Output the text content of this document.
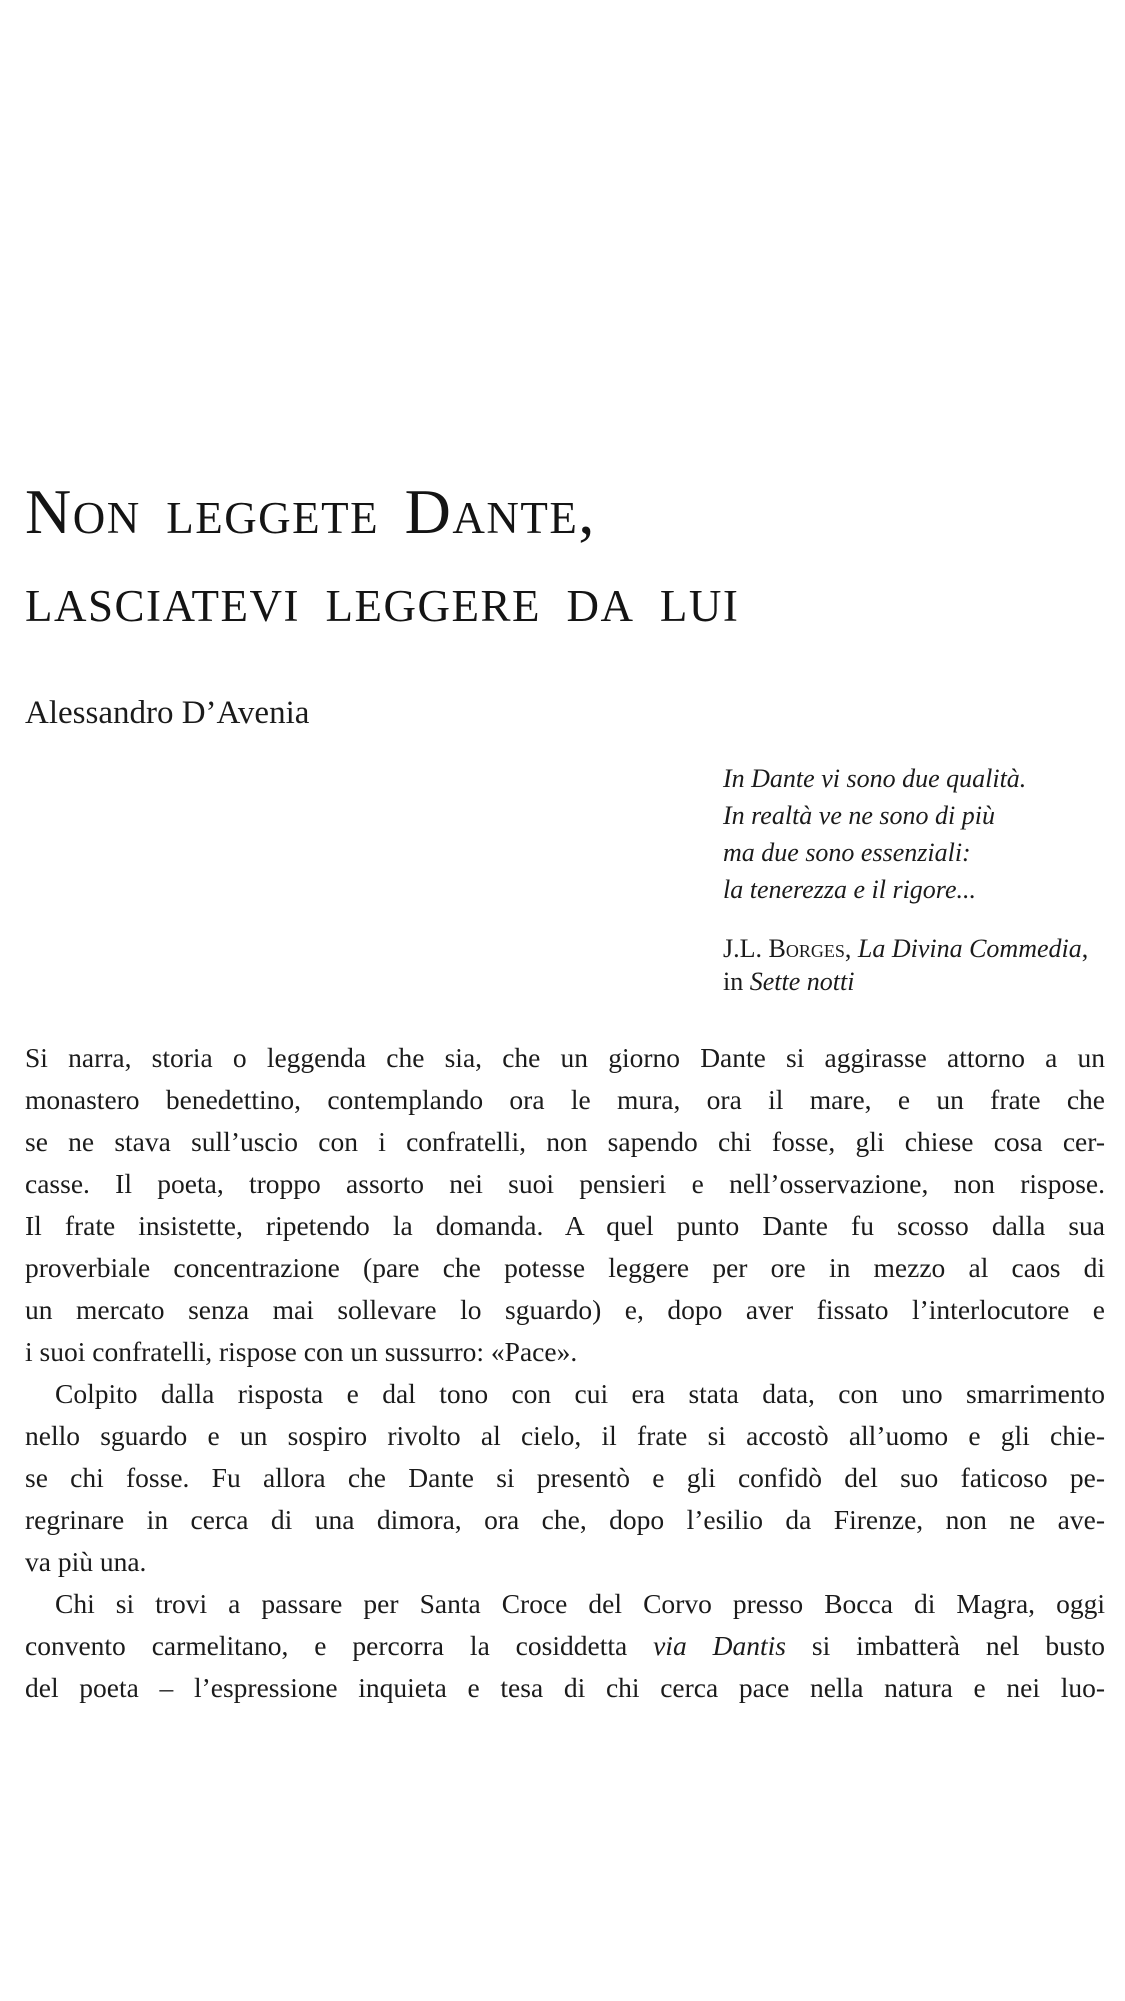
Non leggete Dante,
lasciatevi leggere da lui
Alessandro D’Avenia
In Dante vi sono due qualità.
In realtà ve ne sono di più
ma due sono essenziali:
la tenerezza e il rigore...
J.L. Borges, La Divina Commedia,
in Sette notti
Si narra, storia o leggenda che sia, che un giorno Dante si aggirasse attorno a un
monastero benedettino, contemplando ora le mura, ora il mare, e un frate che
se ne stava sull’uscio con i confratelli, non sapendo chi fosse, gli chiese cosa cer-
casse. Il poeta, troppo assorto nei suoi pensieri e nell’osservazione, non rispose.
Il frate insistette, ripetendo la domanda. A quel punto Dante fu scosso dalla sua
proverbiale concentrazione (pare che potesse leggere per ore in mezzo al caos di
un mercato senza mai sollevare lo sguardo) e, dopo aver fissato l’interlocutore e
i suoi confratelli, rispose con un sussurro: «Pace».
Colpito dalla risposta e dal tono con cui era stata data, con uno smarrimento
nello sguardo e un sospiro rivolto al cielo, il frate si accostò all’uomo e gli chie-
se chi fosse. Fu allora che Dante si presentò e gli confidò del suo faticoso pe-
regrinare in cerca di una dimora, ora che, dopo l’esilio da Firenze, non ne ave-
va più una.
Chi si trovi a passare per Santa Croce del Corvo presso Bocca di Magra, oggi
convento carmelitano, e percorra la cosiddetta via Dantis si imbatterà nel busto
del poeta – l’espressione inquieta e tesa di chi cerca pace nella natura e nei luo-
